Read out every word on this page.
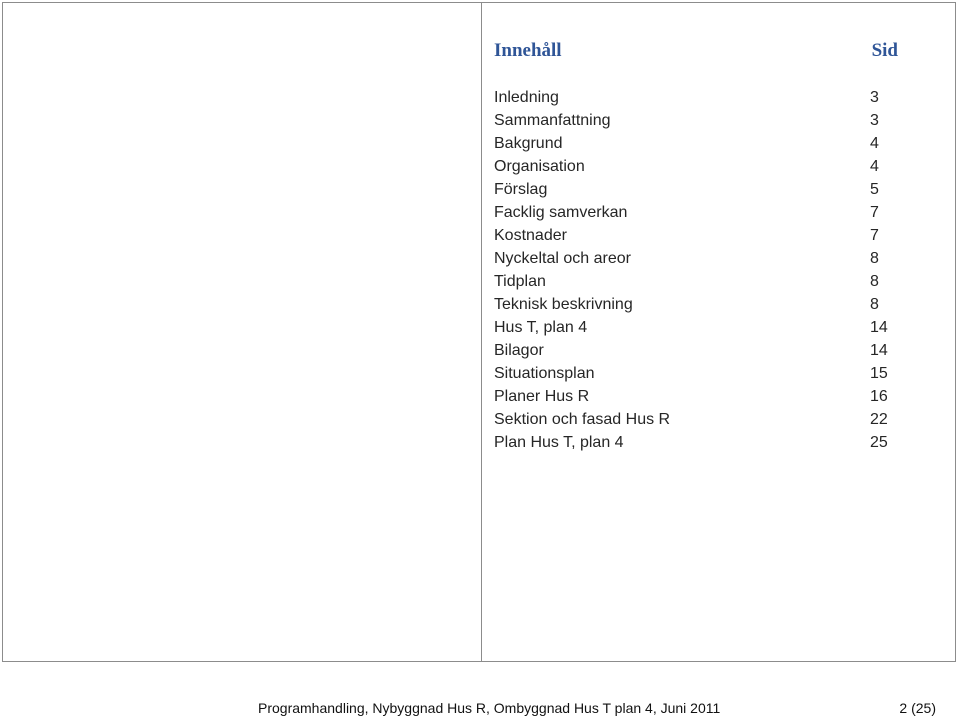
Innehåll	Sid
Inledning	3
Sammanfattning	3
Bakgrund	4
Organisation	4
Förslag	5
Facklig samverkan	7
Kostnader	7
Nyckeltal och areor	8
Tidplan	8
Teknisk beskrivning	8
Hus T, plan 4	14
Bilagor	14
Situationsplan	15
Planer Hus R	16
Sektion och fasad Hus R	22
Plan Hus T, plan 4	25
Programhandling, Nybyggnad Hus R, Ombyggnad Hus T plan 4, Juni 2011	2 (25)
